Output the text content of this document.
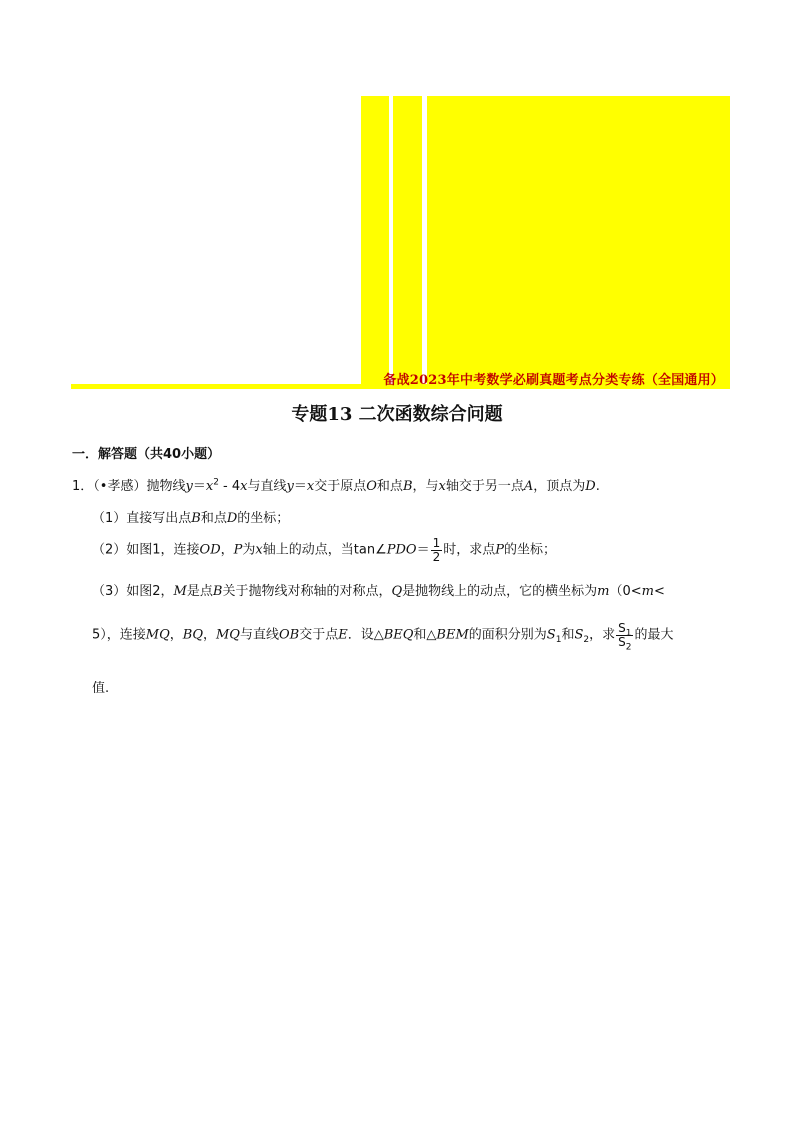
备战2023年中考数学必刷真题考点分类专练（全国通用）
专题13 二次函数综合问题
一．解答题（共40小题）
1．（•孝感）抛物线$y=x^2 - 4x$与直线y＝x交于原点O和点B，与x轴交于另一点A，顶点为D.
（1）直接写出点B和点D的坐标；
（2）如图1，连接OD，P为x轴上的动点，当tan∠PDO＝ $\frac{1}{2}$ 时，求点P的坐标；
（3）如图2，M是点B关于抛物线对称轴的对称点，Q是抛物线上的动点，它的横坐标为m（0<m<
5），连接MQ，BQ，MQ与直线OB交于点E．设△BEQ和△BEM的面积分别为$S_1$和$S_2$，求 $\frac{S_1}{S_2}$ 的最大
值.
